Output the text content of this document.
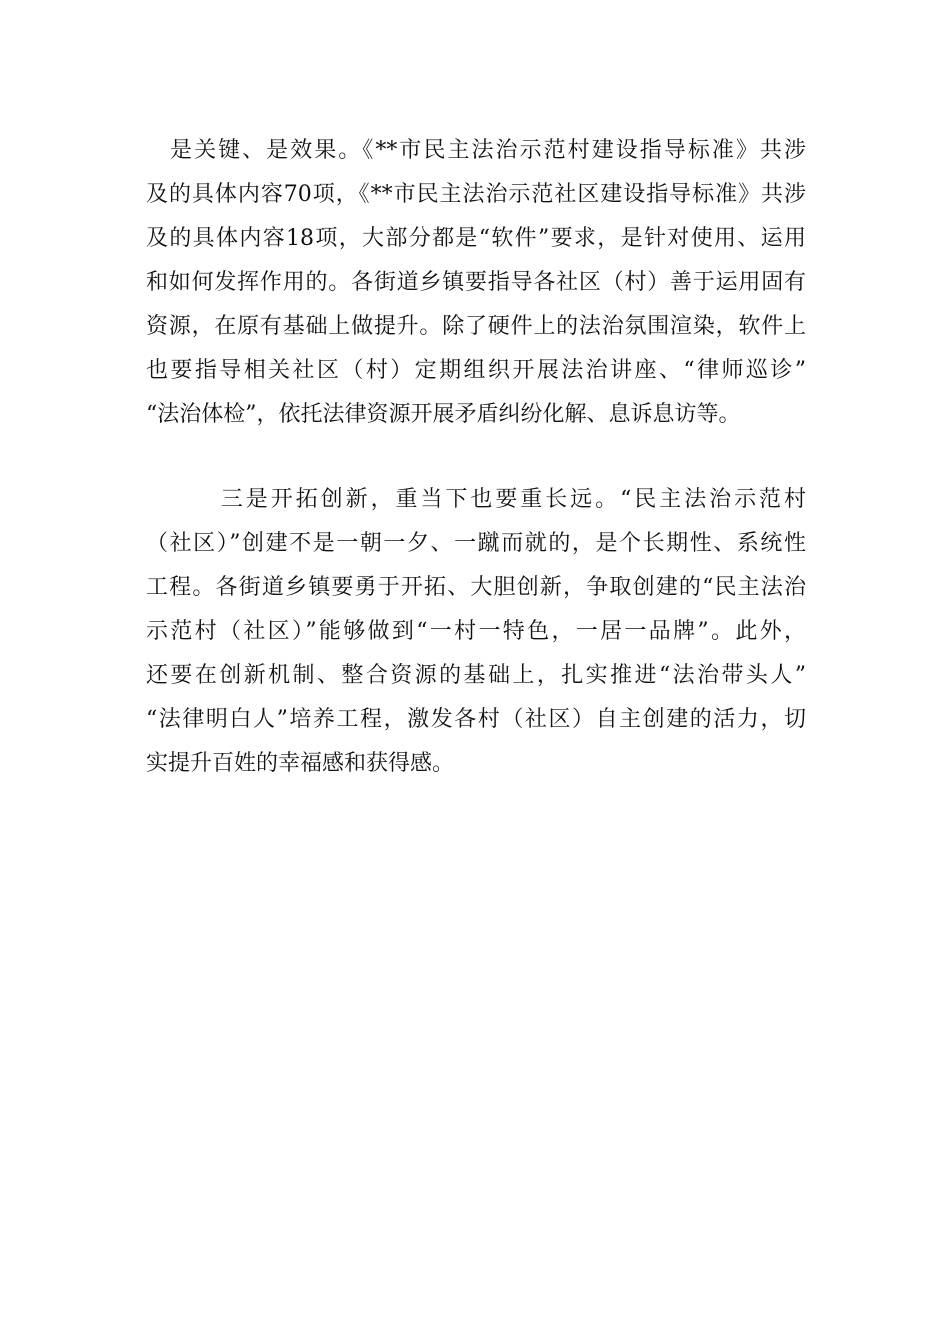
　是关键、是效果。《**市民主法治示范村建设指导标准》共涉
及的具体内容70项，《**市民主法治示范社区建设指导标准》共涉
及的具体内容18项，大部分都是“软件”要求，是针对使用、运用
和如何发挥作用的。各街道乡镇要指导各社区（村）善于运用固有
资源，在原有基础上做提升。除了硬件上的法治氛围渲染，软件上
也要指导相关社区（村）定期组织开展法治讲座、“律师巡诊”
“法治体检”，依托法律资源开展矛盾纠纷化解、息诉息访等。
　　　三是开拓创新，重当下也要重长远。“民主法治示范村
（社区）”创建不是一朝一夕、一蹴而就的，是个长期性、系统性
工程。各街道乡镇要勇于开拓、大胆创新，争取创建的“民主法治
示范村（社区）”能够做到“一村一特色，一居一品牌”。此外，
还要在创新机制、整合资源的基础上，扎实推进“法治带头人”
“法律明白人”培养工程，激发各村（社区）自主创建的活力，切
实提升百姓的幸福感和获得感。
